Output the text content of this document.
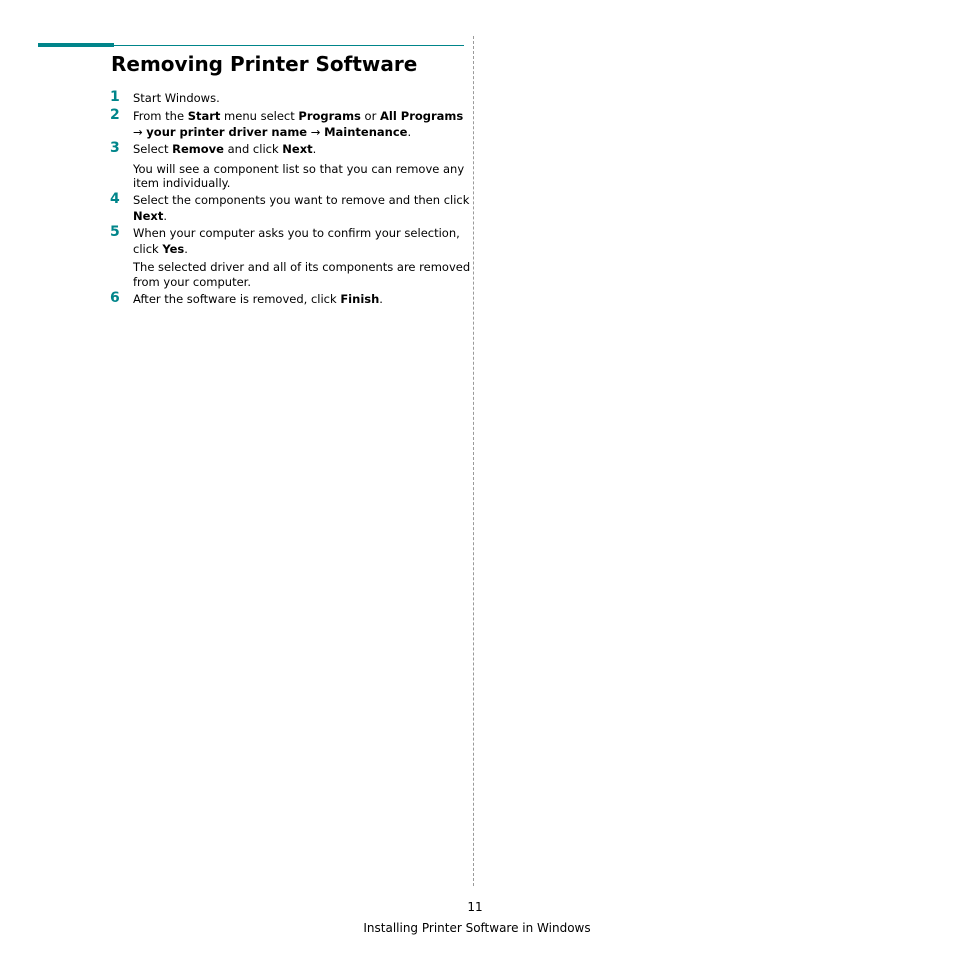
Removing Printer Software
1 Start Windows.
2 From the Start menu select Programs or All Programs
→ your printer driver name → Maintenance.
3 Select Remove and click Next.
You will see a component list so that you can remove any
item individually.
4 Select the components you want to remove and then click
Next.
5 When your computer asks you to confirm your selection,
click Yes.
The selected driver and all of its components are removed
from your computer.
6 After the software is removed, click Finish.
11
Installing Printer Software in Windows
